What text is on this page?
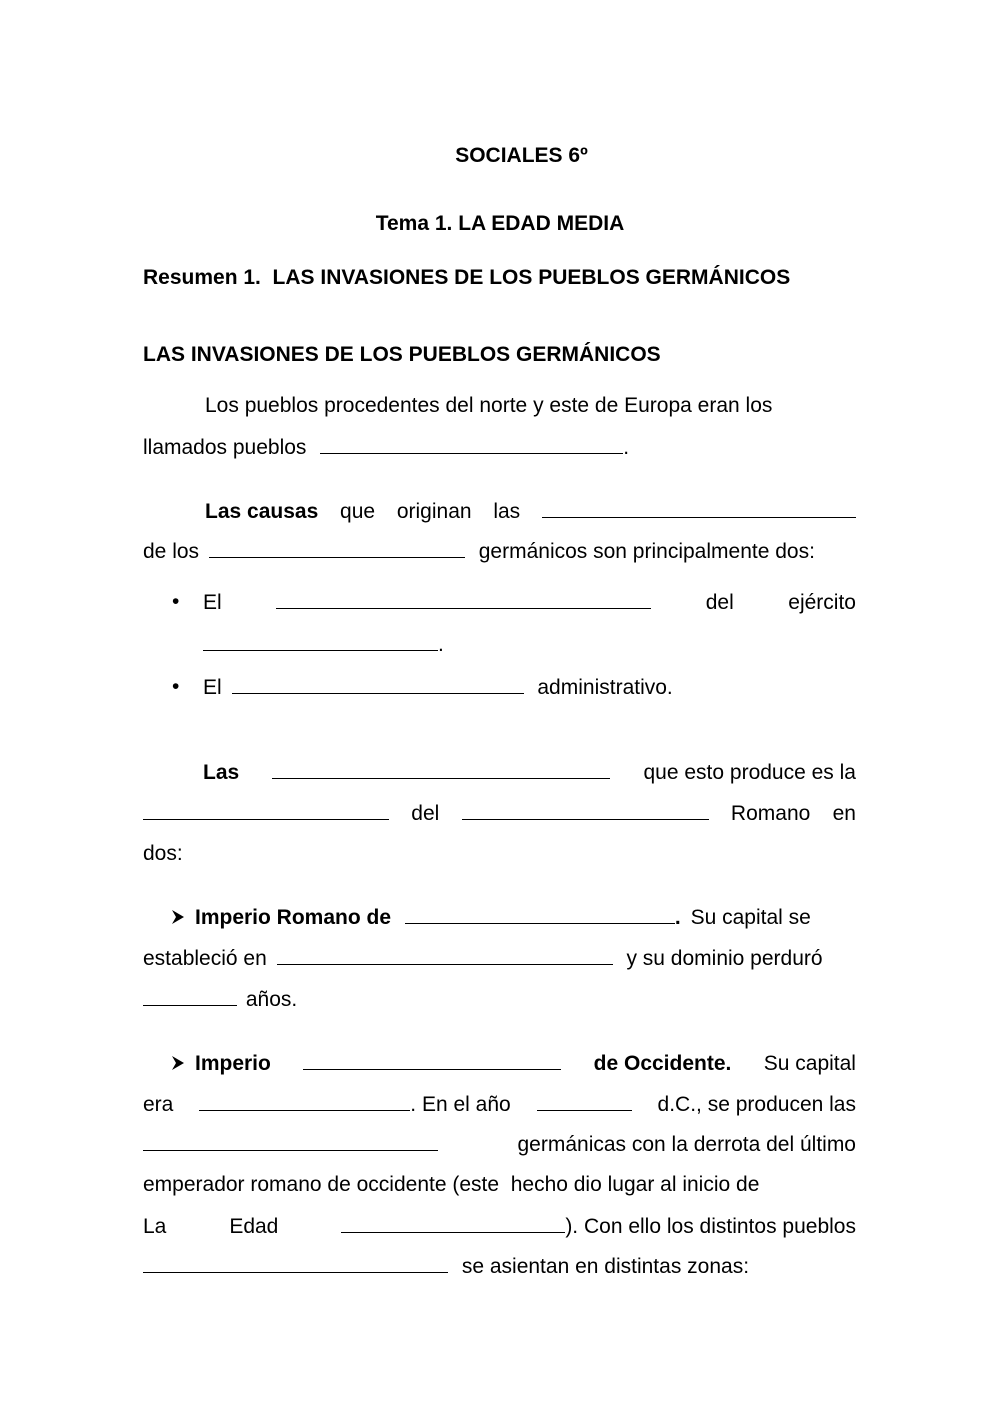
SOCIALES 6º
Tema 1. LA EDAD MEDIA
Resumen 1.  LAS INVASIONES DE LOS PUEBLOS GERMÁNICOS
LAS INVASIONES DE LOS PUEBLOS GERMÁNICOS
Los pueblos procedentes del norte y este de Europa eran los
llamados pueblos	.
Las causas que originan las
de los	germánicos son principalmente dos:
• El	del	ejército
.
• El	administrativo.
Las	que esto produce es la
del	Romano en
dos:
Imperio Romano de	. Su capital se
estableció en	y su dominio perduró
años.
Imperio	de Occidente. Su capital
era	. En el año	d.C., se producen las
germánicas con la derrota del último
emperador romano de occidente (este  hecho dio lugar al inicio de
La	Edad	). Con ello los distintos pueblos
se asientan en distintas zonas:
